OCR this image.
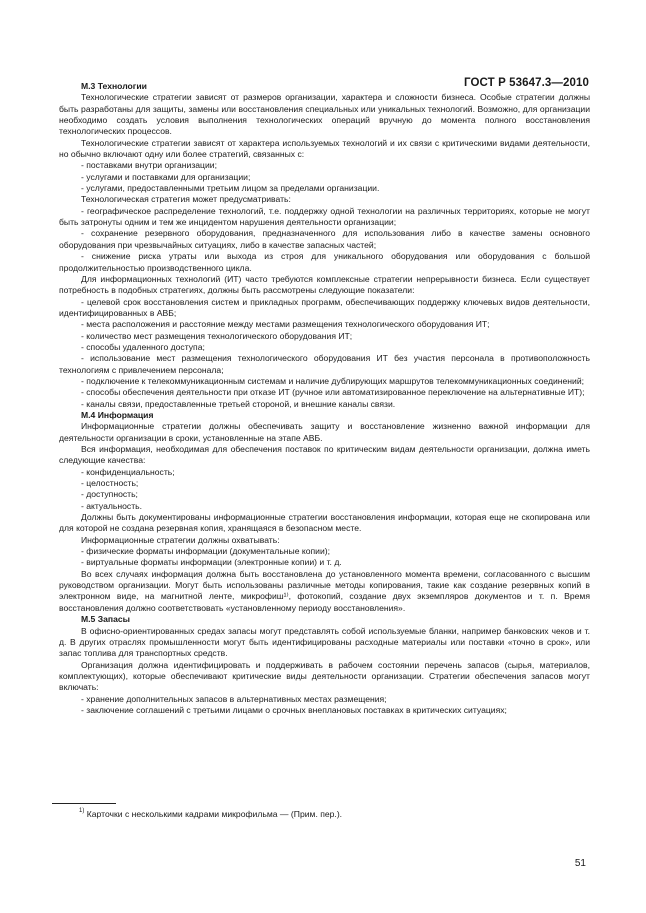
ГОСТ Р 53647.3—2010

М.3 Технологии

Технологические стратегии зависят от размеров организации, характера и сложности бизнеса. Особые стратегии должны быть разработаны для защиты, замены или восстановления специальных или уникальных технологий. Возможно, для организации необходимо создать условия выполнения технологических операций вручную до момента полного восстановления технологических процессов.

Технологические стратегии зависят от характера используемых технологий и их связи с критическими видами деятельности, но обычно включают одну или более стратегий, связанных с:

- поставками внутри организации;

- услугами и поставками для организации;

- услугами, предоставленными третьим лицом за пределами организации.

Технологическая стратегия может предусматривать:

- географическое распределение технологий, т.е. поддержку одной технологии на различных территориях, которые не могут быть затронуты одним и тем же инцидентом нарушения деятельности организации;

- сохранение резервного оборудования, предназначенного для использования либо в качестве замены основного оборудования при чрезвычайных ситуациях, либо в качестве запасных частей;

- снижение риска утраты или выхода из строя для уникального оборудования или оборудования с большой продолжительностью производственного цикла.

Для информационных технологий (ИТ) часто требуются комплексные стратегии непрерывности бизнеса. Если существует потребность в подобных стратегиях, должны быть рассмотрены следующие показатели:

- целевой срок восстановления систем и прикладных программ, обеспечивающих поддержку ключевых видов деятельности, идентифицированных в АВБ;

- места расположения и расстояние между местами размещения технологического оборудования ИТ;

- количество мест размещения технологического оборудования ИТ;

- способы удаленного доступа;

- использование мест размещения технологического оборудования ИТ без участия персонала в противоположность технологиям с привлечением персонала;

- подключение к телекоммуникационным системам и наличие дублирующих маршрутов телекоммуникационных соединений;

- способы обеспечения деятельности при отказе ИТ (ручное или автоматизированное переключение на альтернативные ИТ);

- каналы связи, предоставленные третьей стороной, и внешние каналы связи.

М.4 Информация

Информационные стратегии должны обеспечивать защиту и восстановление жизненно важной информации для деятельности организации в сроки, установленные на этапе АВБ.

Вся информация, необходимая для обеспечения поставок по критическим видам деятельности организации, должна иметь следующие качества:

- конфиденциальность;

- целостность;

- доступность;

- актуальность.

Должны быть документированы информационные стратегии восстановления информации, которая еще не скопирована или для которой не создана резервная копия, хранящаяся в безопасном месте.

Информационные стратегии должны охватывать:

- физические форматы информации (документальные копии);

- виртуальные форматы информации (электронные копии) и т. д.

Во всех случаях информация должна быть восстановлена до установленного момента времени, согласованного с высшим руководством организации. Могут быть использованы различные методы копирования, такие как создание резервных копий в электронном виде, на магнитной ленте, микрофиш¹⁾, фотокопий, создание двух экземпляров документов и т. п. Время восстановления должно соответствовать «установленному периоду восстановления».

М.5 Запасы

В офисно-ориентированных средах запасы могут представлять собой используемые бланки, например банковских чеков и т. д. В других отраслях промышленности могут быть идентифицированы расходные материалы или поставки «точно в срок», или запас топлива для транспортных средств.

Организация должна идентифицировать и поддерживать в рабочем состоянии перечень запасов (сырья, материалов, комплектующих), которые обеспечивают критические виды деятельности организации. Стратегии обеспечения запасов могут включать:

- хранение дополнительных запасов в альтернативных местах размещения;

- заключение соглашений с третьими лицами о срочных внеплановых поставках в критических ситуациях;

$^{1)}$ Карточки с несколькими кадрами микрофильма — (Прим. пер.).
51
